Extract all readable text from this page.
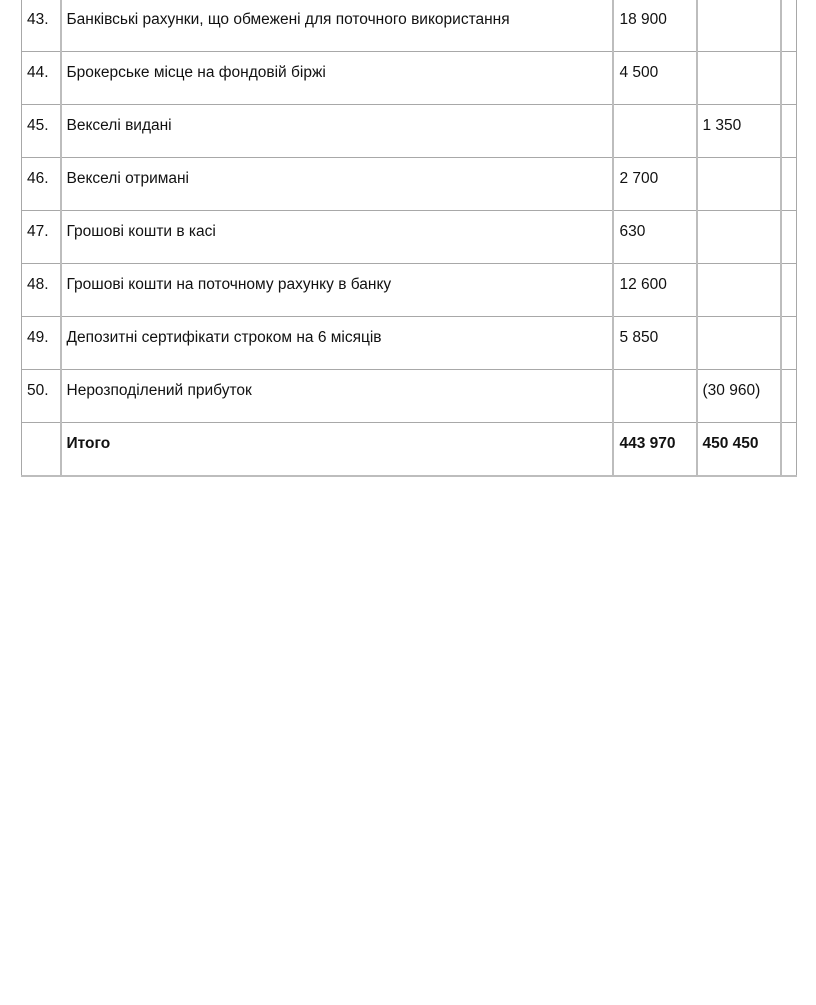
43.	Банківські рахунки, що обмежені для поточного використання	18 900		
44.	Брокерське місце на фондовій біржі	4 500		
45.	Векселі видані		1 350	
46.	Векселі отримані	2 700		
47.	Грошові кошти в касі	630		
48.	Грошові кошти на поточному рахунку в банку	12 600		
49.	Депозитні сертифікати строком на 6 місяців	5 850		
50.	Нерозподілений прибуток		(30 960)	
	Итого	443 970	450 450	
